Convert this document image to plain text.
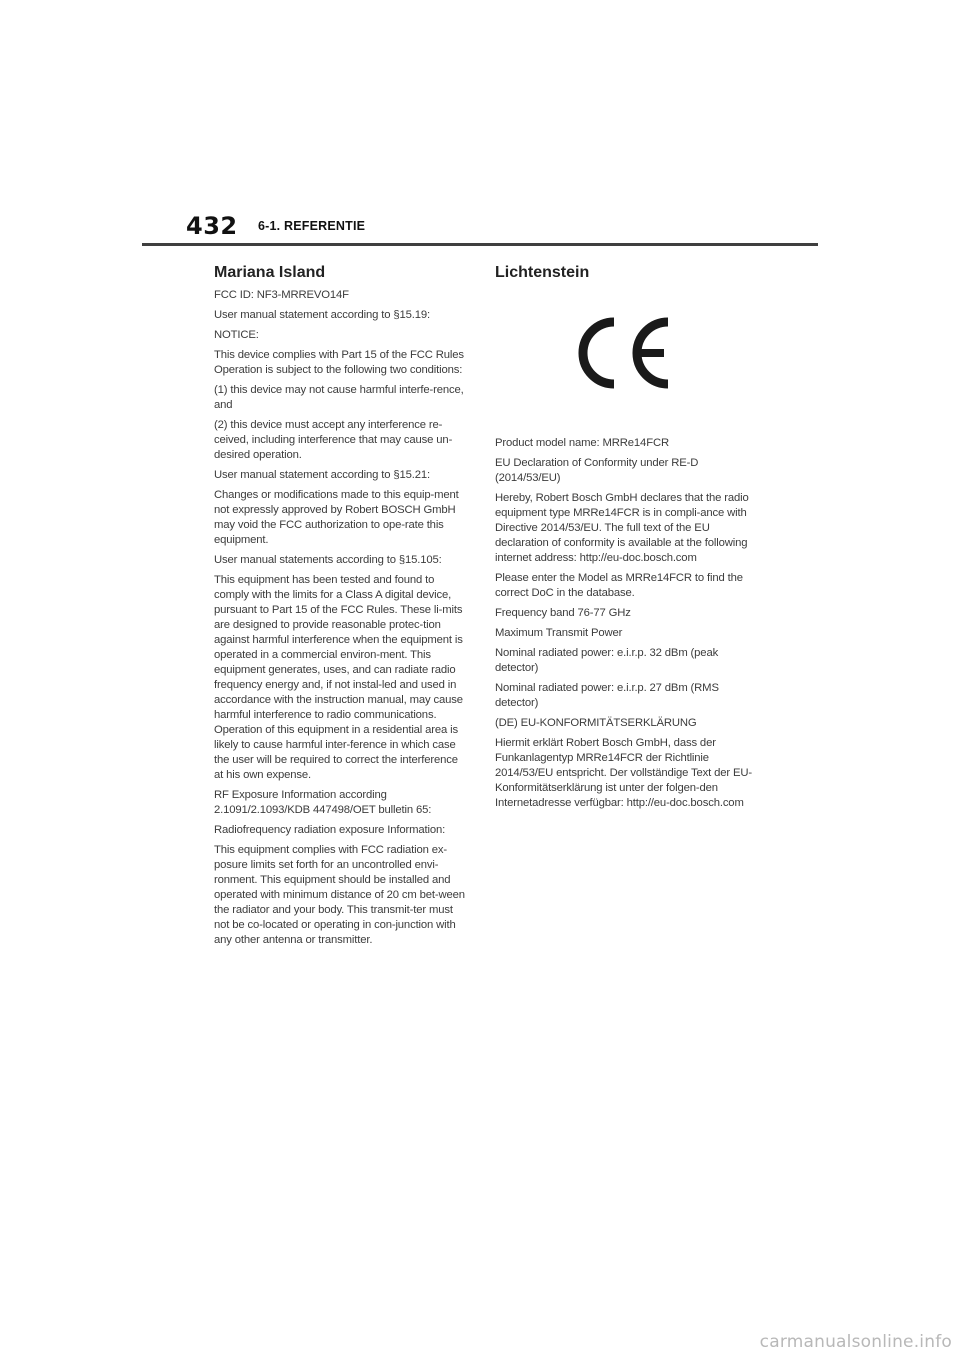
432 6-1. REFERENTIE
Mariana Island

FCC ID: NF3-MRREVO14F

User manual statement according to §15.19:

NOTICE:

This device complies with Part 15 of the FCC Rules Operation is subject to the following two conditions:

(1) this device may not cause harmful interfe-rence, and

(2) this device must accept any interference re-ceived, including interference that may cause un-desired operation.

User manual statement according to §15.21:

Changes or modifications made to this equip-ment not expressly approved by Robert BOSCH GmbH may void the FCC authorization to ope-rate this equipment.

User manual statements according to §15.105:

This equipment has been tested and found to comply with the limits for a Class A digital device, pursuant to Part 15 of the FCC Rules. These li-mits are designed to provide reasonable protec-tion against harmful interference when the equipment is operated in a commercial environ-ment. This equipment generates, uses, and can radiate radio frequency energy and, if not instal-led and used in accordance with the instruction manual, may cause harmful interference to radio communications. Operation of this equipment in a residential area is likely to cause harmful inter-ference in which case the user will be required to correct the interference at his own expense.

RF Exposure Information according 2.1091/2.1093/KDB 447498/OET bulletin 65:

Radiofrequency radiation exposure Information:

This equipment complies with FCC radiation ex-posure limits set forth for an uncontrolled envi-ronment. This equipment should be installed and operated with minimum distance of 20 cm bet-ween the radiator and your body. This transmit-ter must not be co-located or operating in con-junction with any other antenna or transmitter.

Lichtenstein

Product model name: MRRe14FCR

EU Declaration of Conformity under RE-D (2014/53/EU)

Hereby, Robert Bosch GmbH declares that the radio equipment type MRRe14FCR is in compli-ance with Directive 2014/53/EU. The full text of the EU declaration of conformity is available at the following internet address: http://eu-doc.bosch.com

Please enter the Model as MRRe14FCR to find the correct DoC in the database.

Frequency band 76-77 GHz

Maximum Transmit Power

Nominal radiated power: e.i.r.p. 32 dBm (peak detector)

Nominal radiated power: e.i.r.p. 27 dBm (RMS detector)

(DE) EU-KONFORMITÄTSERKLÄRUNG

Hiermit erklärt Robert Bosch GmbH, dass der Funkanlagentyp MRRe14FCR der Richtlinie 2014/53/EU entspricht. Der vollständige Text der EU-Konformitätserklärung ist unter der folgen-den Internetadresse verfügbar: http://eu-doc.bosch.com

carmanualsonline.info
